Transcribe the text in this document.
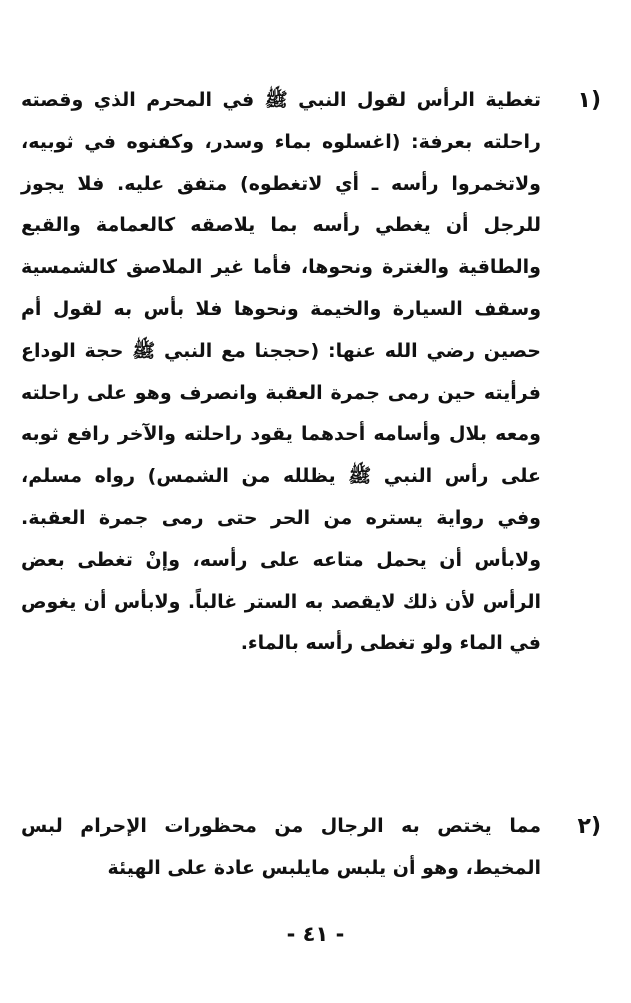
(١
تغطية الرأس لقول النبي ﷺ في المحرم الذي وقصته راحلته بعرفة: (اغسلوه بماء وسدر، وكفنوه في ثوبيه، ولاتخمروا رأسه ـ أي لاتغطوه) متفق عليه. فلا يجوز للرجل أن يغطي رأسه بما يلاصقه كالعمامة والقبع والطاقية والغترة ونحوها، فأما غير الملاصق كالشمسية وسقف السيارة والخيمة ونحوها فلا بأس به لقول أم حصين رضي الله عنها: (حججنا مع النبي ﷺ حجة الوداع فرأيته حين رمى جمرة العقبة وانصرف وهو على راحلته ومعه بلال وأسامه أحدهما يقود راحلته والآخر رافع ثوبه على رأس النبي ﷺ يظلله من الشمس) رواه مسلم، وفي رواية يستره من الحر حتى رمى جمرة العقبة. ولابأس أن يحمل متاعه على رأسه، وإنْ تغطى بعض الرأس لأن ذلك لايقصد به الستر غالباً. ولابأس أن يغوص في الماء ولو تغطى رأسه بالماء.
(٢
مما يختص به الرجال من محظورات الإحرام لبس المخيط، وهو أن يلبس مايلبس عادة على الهيئة
- ٤١ -
